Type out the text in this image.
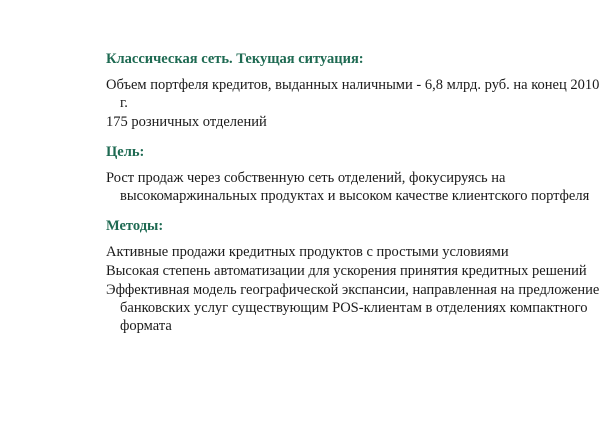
Классическая сеть. Текущая ситуация:

Объем портфеля кредитов, выданных наличными - 6,8 млрд. руб. на конец 2010 г.

175 розничных отделений

Цель:

Рост продаж через собственную сеть отделений, фокусируясь на высокомаржинальных продуктах и высоком качестве клиентского портфеля

Методы:

Активные продажи кредитных продуктов с простыми условиями

Высокая степень автоматизации для ускорения принятия кредитных решений

Эффективная модель географической экспансии, направленная на предложение банковских услуг существующим POS-клиентам в отделениях компактного формата
